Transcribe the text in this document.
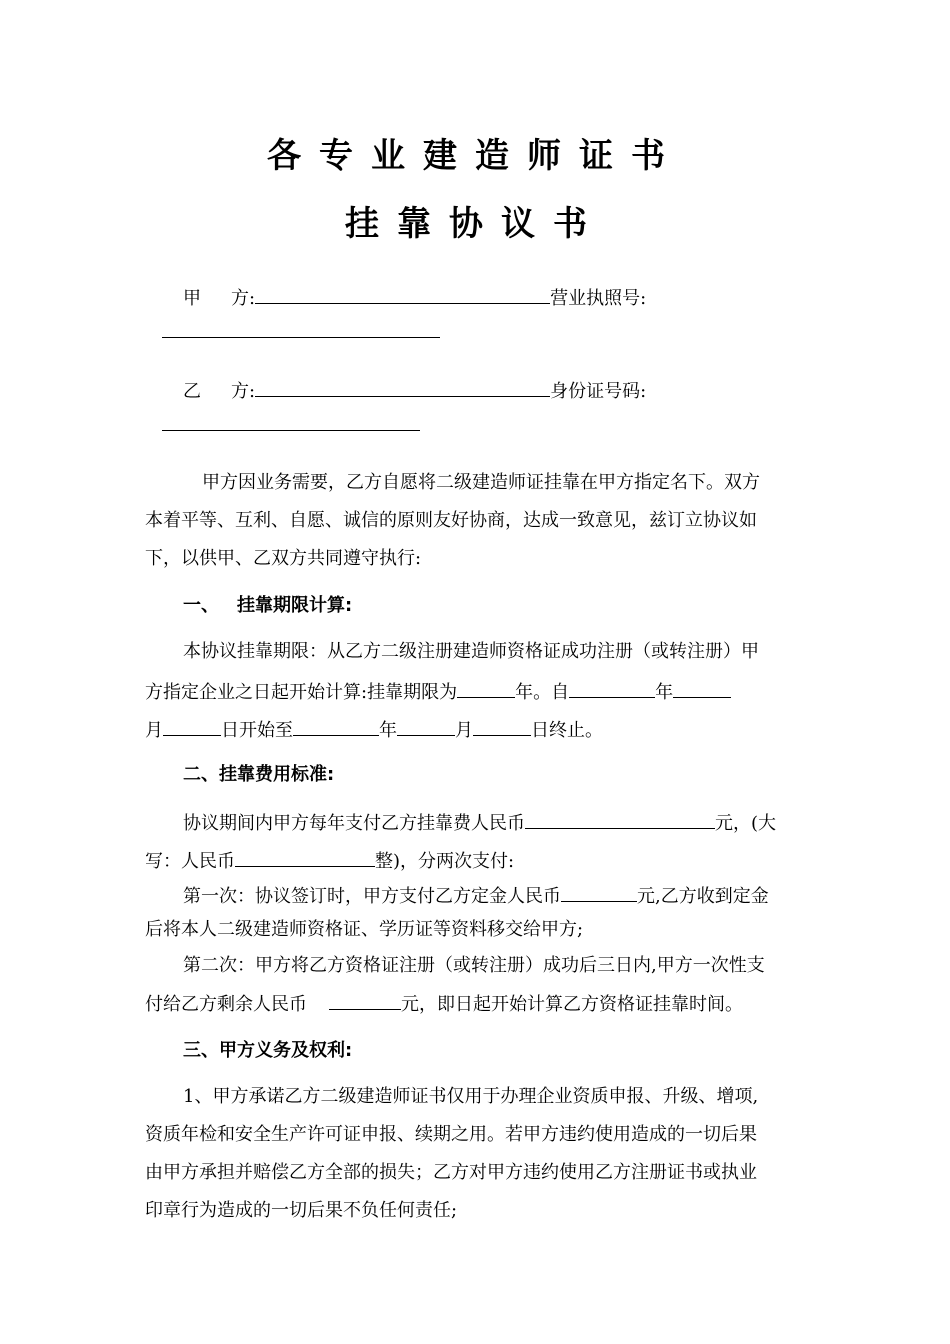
各专业建造师证书
挂靠协议书
甲 方:	营业执照号:
乙 方:	身份证号码:
甲方因业务需要，乙方自愿将二级建造师证挂靠在甲方指定名下。双方
本着平等、互利、自愿、诚信的原则友好协商，达成一致意见，兹订立协议如
下，以供甲、乙双方共同遵守执行:
一、 挂靠期限计算:
本协议挂靠期限：从乙方二级注册建造师资格证成功注册（或转注册）甲
方指定企业之日起开始计算:挂靠期限为	年。自	年
月	日开始至	年	月	日终止。
二、挂靠费用标准:
协议期间内甲方每年支付乙方挂靠费人民币	元，(大
写：人民币	整)，分两次支付:
第一次：协议签订时，甲方支付乙方定金人民币	元,乙方收到定金
后将本人二级建造师资格证、学历证等资料移交给甲方;
第二次：甲方将乙方资格证注册（或转注册）成功后三日内,甲方一次性支
付给乙方剩余人民币	元，即日起开始计算乙方资格证挂靠时间。
三、甲方义务及权利:
1、甲方承诺乙方二级建造师证书仅用于办理企业资质申报、升级、增项,
资质年检和安全生产许可证申报、续期之用。若甲方违约使用造成的一切后果
由甲方承担并赔偿乙方全部的损失；乙方对甲方违约使用乙方注册证书或执业
印章行为造成的一切后果不负任何责任;
